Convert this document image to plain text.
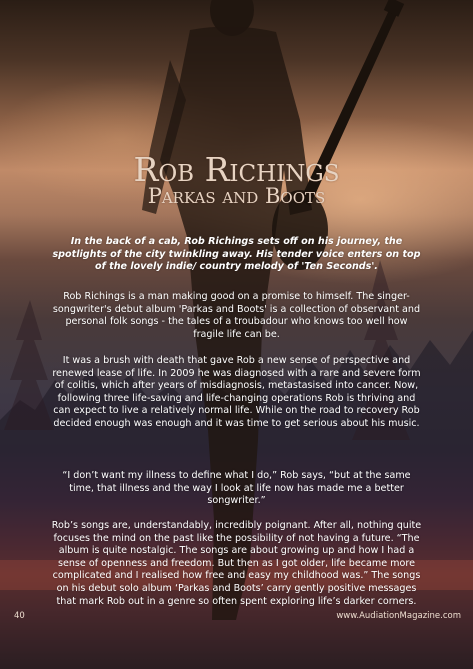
Rob Richings
Parkas and Boots
In the back of a cab, Rob Richings sets off on his journey, the spotlights of the city twinkling away. His tender voice enters on top of the lovely indie/ country melody of 'Ten Seconds'.
Rob Richings is a man making good on a promise to himself. The singer-songwriter's debut album 'Parkas and Boots' is a collection of observant and personal folk songs - the tales of a troubadour who knows too well how fragile life can be.
It was a brush with death that gave Rob a new sense of perspective and renewed lease of life. In 2009 he was diagnosed with a rare and severe form of colitis, which after years of misdiagnosis, metastasised into cancer. Now, following three life-saving and life-changing operations Rob is thriving and can expect to live a relatively normal life. While on the road to recovery Rob decided enough was enough and it was time to get serious about his music.
“I don’t want my illness to define what I do,” Rob says, “but at the same time, that illness and the way I look at life now has made me a better songwriter.”
Rob’s songs are, understandably, incredibly poignant. After all, nothing quite focuses the mind on the past like the possibility of not having a future. “The album is quite nostalgic. The songs are about growing up and how I had a sense of openness and freedom. But then as I got older, life became more complicated and I realised how free and easy my childhood was.” The songs on his debut solo album ‘Parkas and Boots’ carry gently positive messages that mark Rob out in a genre so often spent exploring life’s darker corners.
40	www.AudiationMagazine.com
